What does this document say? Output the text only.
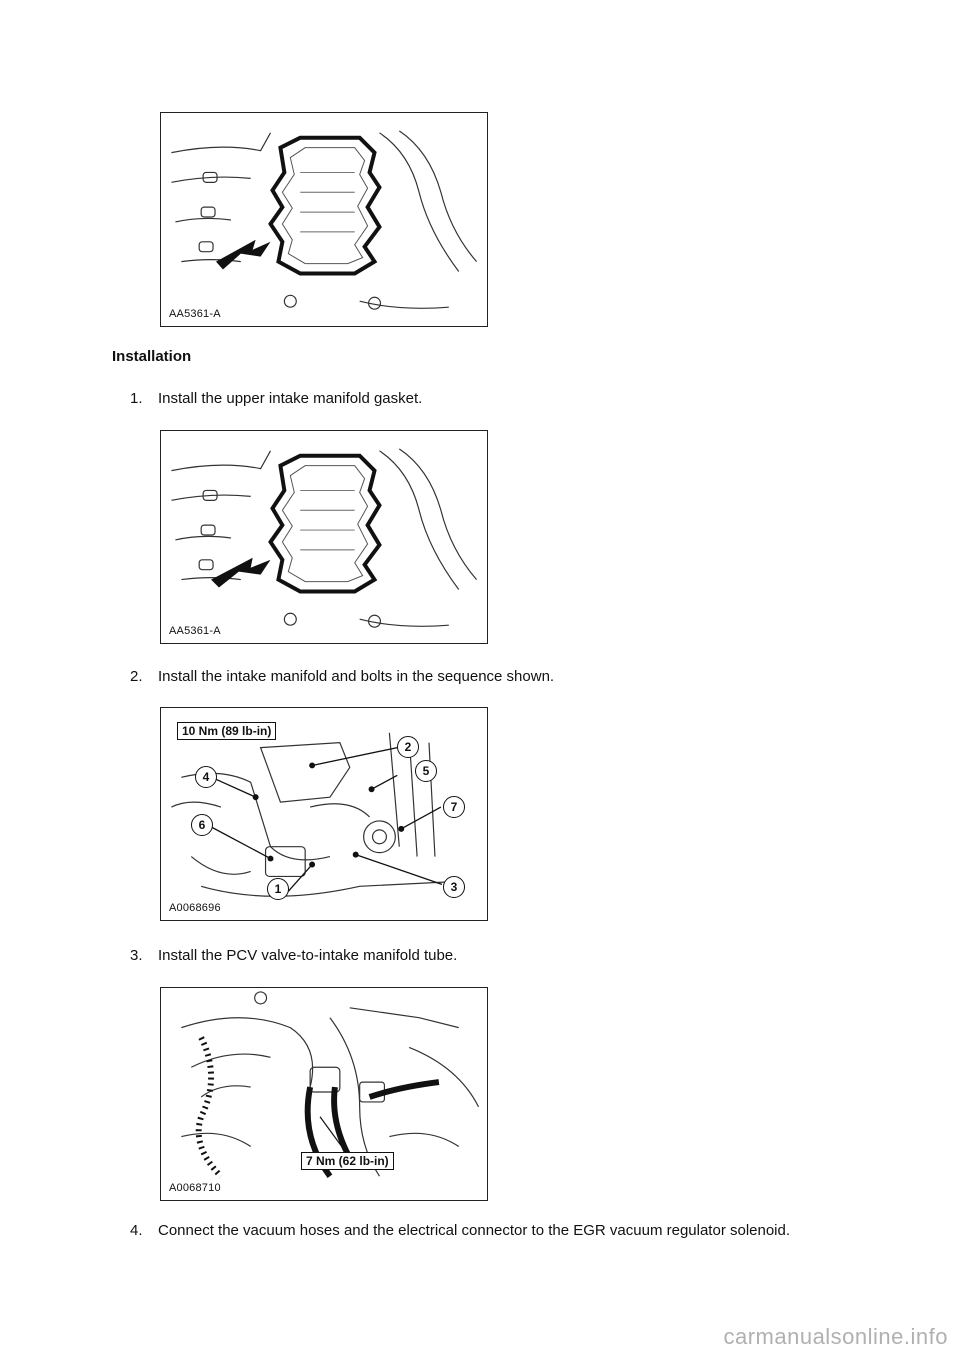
AA5361-A
Installation
1. Install the upper intake manifold gasket.
AA5361-A
2. Install the intake manifold and bolts in the sequence shown.
10 Nm (89 lb-in)
1
2
3
4	5
6
7
A0068696
3. Install the PCV valve-to-intake manifold tube.
7 Nm (62 lb-in)
A0068710
4. Connect the vacuum hoses and the electrical connector to the EGR vacuum regulator solenoid.
carmanualsonline.info
